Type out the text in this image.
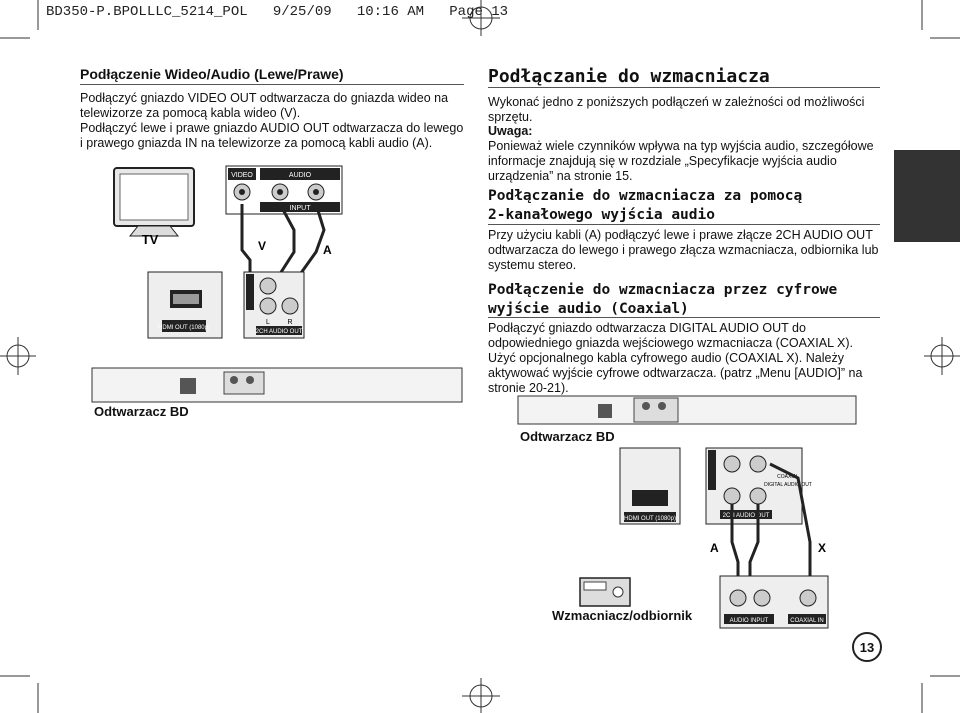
BD350-P.BPOLLLC_5214_POL   9/25/09   10:16 AM   Page 13
Podłączenie Wideo/Audio (Lewe/Prawe)
Podłączyć gniazdo VIDEO OUT odtwarzacza do gniazda wideo na telewizorze za pomocą kabla wideo (V).
Podłączyć lewe i prawe gniazdo AUDIO OUT odtwarzacza do lewego i prawego gniazda IN na telewizorze za pomocą kabli audio (A).
TV
VIDEO	AUDIO
INPUT
V	A
HDMI OUT (1080p)
L	R
2CH AUDIO OUT
Odtwarzacz BD
Podłączanie do wzmacniacza
Wykonać jedno z poniższych podłączeń w zależności od możliwości sprzętu.
Uwaga:
Ponieważ wiele czynników wpływa na typ wyjścia audio, szczegółowe informacje znajdują się w rozdziale „Specyfikacje wyjścia audio urządzenia” na stronie 15.
Podłączanie do wzmacniacza za pomocą 2-kanałowego wyjścia audio
Przy użyciu kabli (A) podłączyć lewe i prawe złącze 2CH AUDIO OUT odtwarzacza do lewego i prawego złącza wzmacniacza, odbiornika lub systemu stereo.
Podłączenie do wzmacniacza przez cyfrowe wyjście audio (Coaxial)
Podłączyć gniazdo odtwarzacza DIGITAL AUDIO OUT do odpowiedniego gniazda wejściowego wzmacniacza (COAXIAL X). Użyć opcjonalnego kabla cyfrowego audio (COAXIAL X). Należy aktywować wyjście cyfrowe odtwarzacza. (patrz „Menu [AUDIO]” na stronie 20-21).
HDMI OUT (1080p)
COAXIAL
DIGITAL AUDIO OUT
2CH AUDIO OUT
A	X
AUDIO INPUT	COAXIAL IN
Odtwarzacz BD
Wzmacniacz/odbiornik
13
